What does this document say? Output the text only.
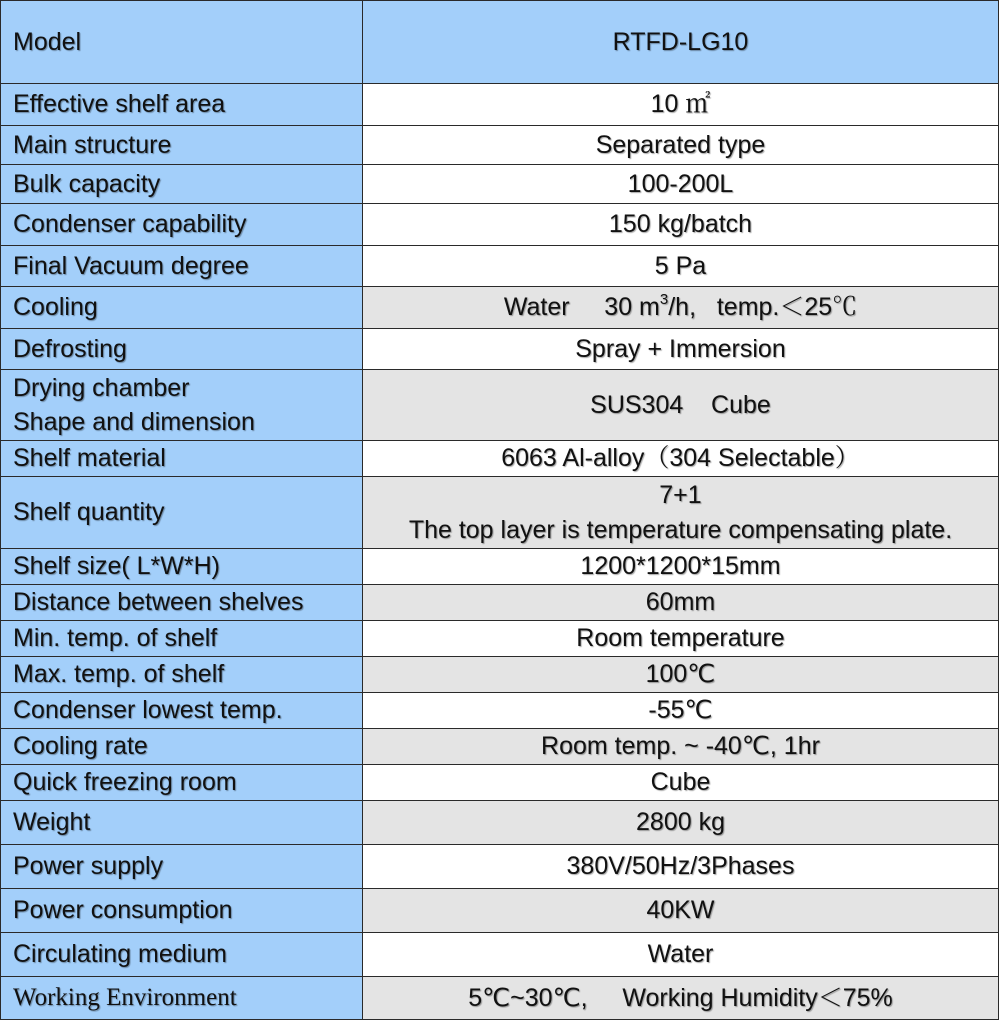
Model	RTFD-LG10
Effective shelf area	10 ㎡
Main structure	Separated type
Bulk capacity	100-200L
Condenser capability	150 kg/batch
Final Vacuum degree	5 Pa
Cooling	Water     30 $m^3/h$,   temp.＜25℃
Defrosting	Spray + Immersion

Drying chamber
Shape and dimension	SUS304    Cube
Shelf material	6063 Al-alloy（304 Selectable）
Shelf quantity	7+1
The top layer is temperature compensating plate.

Shelf size( L*W*H)	1200*1200*15mm
Distance between shelves	60mm
Min. temp. of shelf	Room temperature
Max. temp. of shelf	100℃
Condenser lowest temp.	-55℃
Cooling rate	Room temp. ~ -40℃, 1hr
Quick freezing room	Cube
Weight	2800 kg
Power supply	380V/50Hz/3Phases
Power consumption	40KW
Circulating medium	Water
Working Environment	5℃~30℃,     Working Humidity＜75%
